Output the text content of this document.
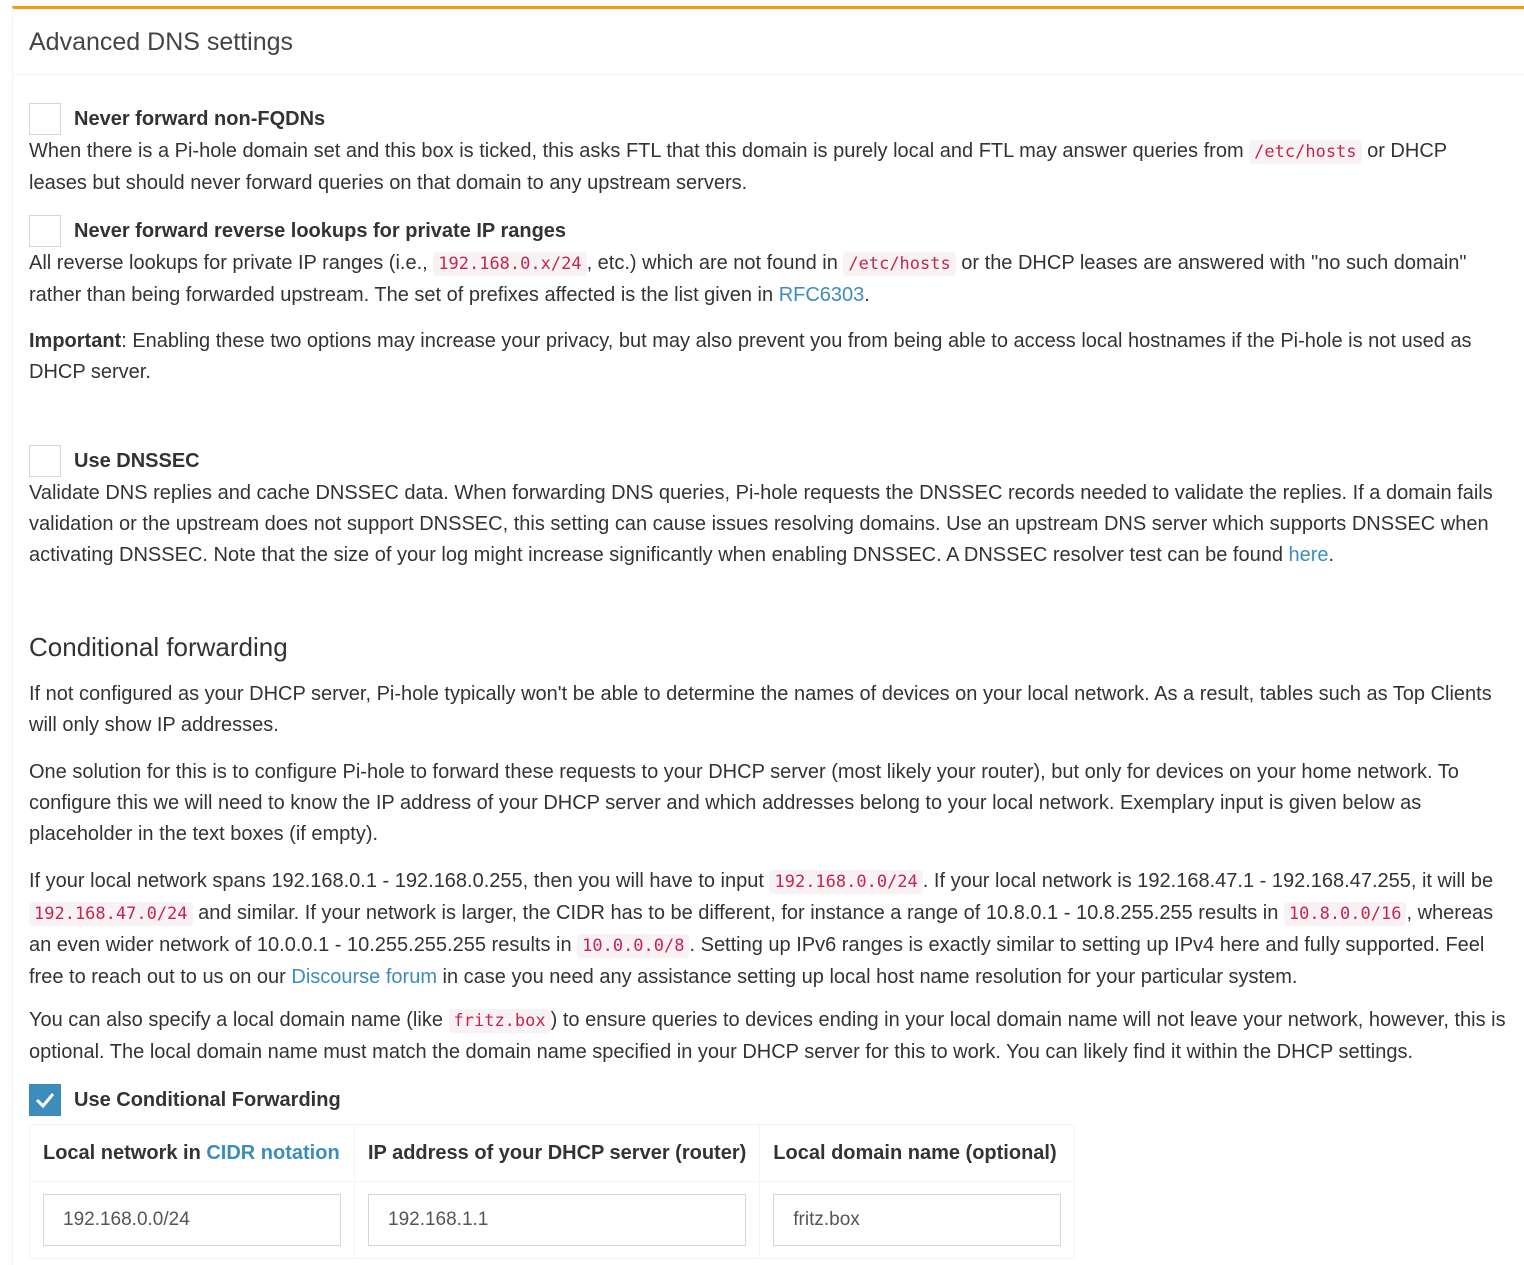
Advanced DNS settings
Never forward non-FQDNs

When there is a Pi-hole domain set and this box is ticked, this asks FTL that this domain is purely local and FTL may answer queries from /etc/hosts or DHCP leases but should never forward queries on that domain to any upstream servers.

Never forward reverse lookups for private IP ranges

All reverse lookups for private IP ranges (i.e., 192.168.0.x/24 , etc.) which are not found in /etc/hosts or the DHCP leases are answered with "no such domain" rather than being forwarded upstream. The set of prefixes affected is the list given in RFC6303.

Important: Enabling these two options may increase your privacy, but may also prevent you from being able to access local hostnames if the Pi-hole is not used as DHCP server.

Use DNSSEC

Validate DNS replies and cache DNSSEC data. When forwarding DNS queries, Pi-hole requests the DNSSEC records needed to validate the replies. If a domain fails validation or the upstream does not support DNSSEC, this setting can cause issues resolving domains. Use an upstream DNS server which supports DNSSEC when activating DNSSEC. Note that the size of your log might increase significantly when enabling DNSSEC. A DNSSEC resolver test can be found here.

Conditional forwarding

If not configured as your DHCP server, Pi-hole typically won't be able to determine the names of devices on your local network. As a result, tables such as Top Clients will only show IP addresses.

One solution for this is to configure Pi-hole to forward these requests to your DHCP server (most likely your router), but only for devices on your home network. To configure this we will need to know the IP address of your DHCP server and which addresses belong to your local network. Exemplary input is given below as placeholder in the text boxes (if empty).

If your local network spans 192.168.0.1 - 192.168.0.255, then you will have to input 192.168.0.0/24 . If your local network is 192.168.47.1 - 192.168.47.255, it will be 192.168.47.0/24 and similar. If your network is larger, the CIDR has to be different, for instance a range of 10.8.0.1 - 10.8.255.255 results in 10.8.0.0/16 , whereas an even wider network of 10.0.0.1 - 10.255.255.255 results in 10.0.0.0/8 . Setting up IPv6 ranges is exactly similar to setting up IPv4 here and fully supported. Feel free to reach out to us on our Discourse forum in case you need any assistance setting up local host name resolution for your particular system.

You can also specify a local domain name (like fritz.box ) to ensure queries to devices ending in your local domain name will not leave your network, however, this is optional. The local domain name must match the domain name specified in your DHCP server for this to work. You can likely find it within the DHCP settings.

Use Conditional Forwarding
Local network in CIDR notation	IP address of your DHCP server (router)	Local domain name (optional)

192.168.0.0/24	192.168.1.1	fritz.box
